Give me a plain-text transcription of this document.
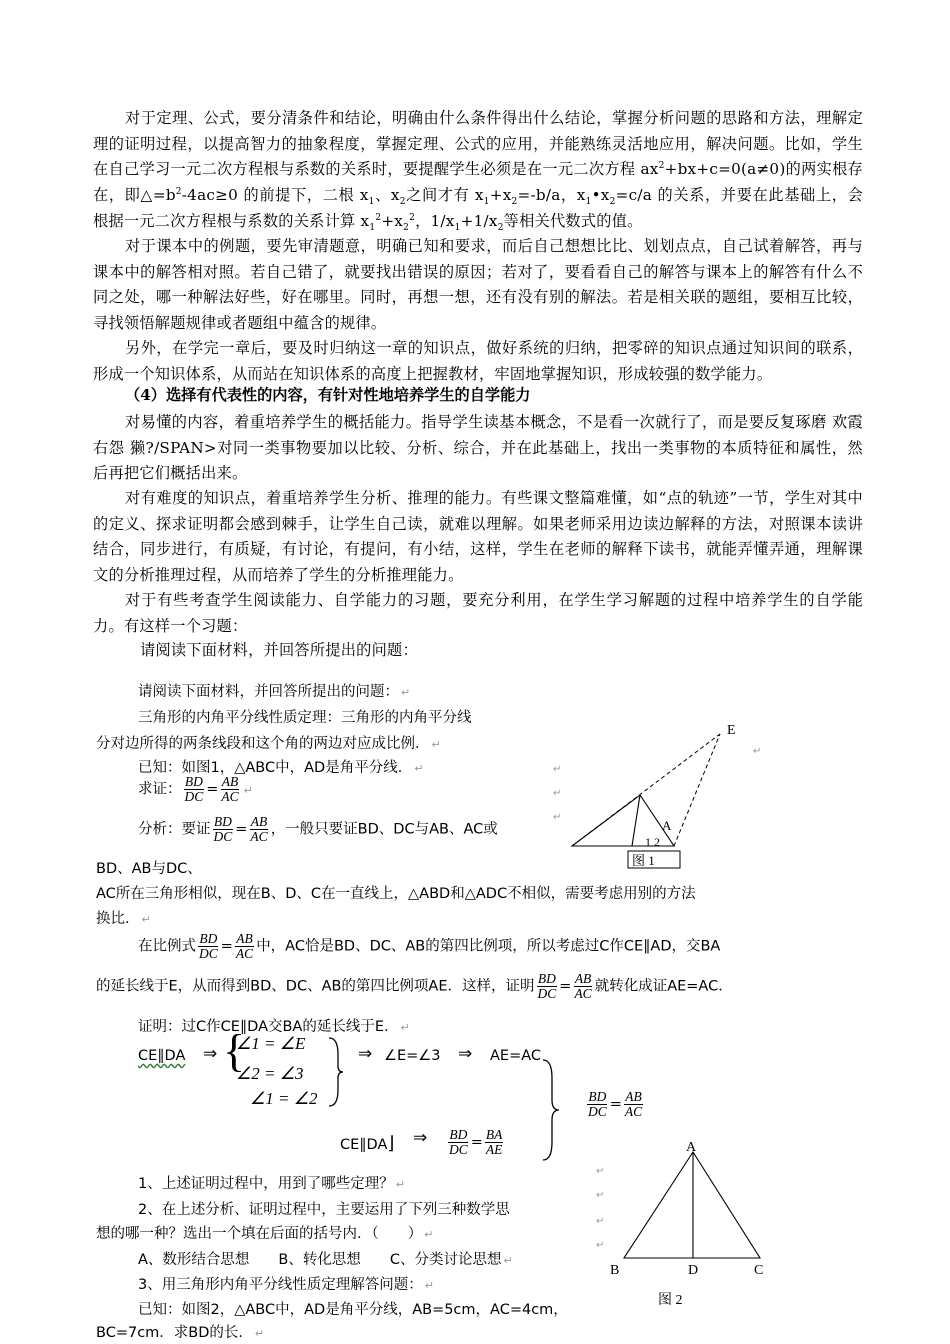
对于定理、公式，要分清条件和结论，明确由什么条件得出什么结论，掌握分析问题的思路和方法，理解定理的证明过程，以提高智力的抽象程度，掌握定理、公式的应用，并能熟练灵活地应用，解决问题。比如，学生在自己学习一元二次方程根与系数的关系时，要提醒学生必须是在一元二次方程 $ax^2+bx+c=0(a\ne 0)$的两实根存在，即$\triangle=b^2-4ac\ge 0$ 的前提下，二根 $x_1$、$x_2$之间才有 $x_1+x_2=-b/a$，$x_1•x_2=c/a$ 的关系，并要在此基础上，会根据一元二次方程根与系数的关系计算 $x_1^2+x_2^2$，$1/x_1+1/x_2$等相关代数式的值。

对于课本中的例题，要先审清题意，明确已知和要求，而后自己想想比比、划划点点，自己试着解答，再与课本中的解答相对照。若自己错了，就要找出错误的原因；若对了，要看看自己的解答与课本上的解答有什么不同之处，哪一种解法好些，好在哪里。同时，再想一想，还有没有别的解法。若是相关联的题组，要相互比较，寻找领悟解题规律或者题组中蕴含的规律。

另外，在学完一章后，要及时归纳这一章的知识点，做好系统的归纳，把零碎的知识点通过知识间的联系，形成一个知识体系，从而站在知识体系的高度上把握教材，牢固地掌握知识，形成较强的数学能力。

（4）选择有代表性的内容，有针对性地培养学生的自学能力

对易懂的内容，着重培养学生的概括能力。指导学生读基本概念，不是看一次就行了，而是要反复琢磨 欢霞右怨 獭?/SPAN>对同一类事物要加以比较、分析、综合，并在此基础上，找出一类事物的本质特征和属性，然后再把它们概括出来。

对有难度的知识点，着重培养学生分析、推理的能力。有些课文整篇难懂，如“点的轨迹”一节，学生对其中的定义、探求证明都会感到棘手，让学生自己读，就难以理解。如果老师采用边读边解释的方法，对照课本读讲结合，同步进行，有质疑，有讨论，有提问，有小结，这样，学生在老师的解释下读书，就能弄懂弄通，理解课文的分析推理过程，从而培养了学生的分析推理能力。

对于有些考查学生阅读能力、自学能力的习题，要充分利用，在学生学习解题的过程中培养学生的自学能力。有这样一个习题：

请阅读下面材料，并回答所提出的问题：

请阅读下面材料，并回答所提出的问题： ↵

三角形的内角平分线性质定理：三角形的内角平分线

分对边所得的两条线段和这个角的两边对应成比例． ↵

已知：如图1，△ABC中，AD是角平分线． ↵

求证： $\frac{BD}{DC} = \frac{AB}{AC}$ ↵

分析：要证 $\frac{BD}{DC} = \frac{AB}{AC}$ ，一般只要证BD、DC与AB、AC或

BD、AB与DC、

AC所在三角形相似，现在B、D、C在一直线上，△ABD和△ADC不相似，需要考虑用别的方法

换比． ↵

在比例式 $\frac{BD}{DC} = \frac{AB}{AC}$ 中，AC恰是BD、DC、AB的第四比例项，所以考虑过C作CE∥AD，交BA

的延长线于E，从而得到BD、DC、AB的第四比例项AE．这样，证明 $\frac{BD}{DC} = \frac{AB}{AC}$ 就转化成证AE=AC．

证明：过C作CE∥DA交BA的延长线于E． ↵

CE∥DA ⇒ {

∠1 = ∠E

∠2 = ∠3

∠1 = ∠2

⇒ ∠E=∠3 ⇒ AE=AC

$\frac{BD}{DC} = \frac{AB}{AC}$

CE∥DA⌋ ⇒ $\frac{BD}{DC} = \frac{BA}{AE}$

1、上述证明过程中，用到了哪些定理？ ↵

2、在上述分析、证明过程中，主要运用了下列三种数学思

想的哪一种？选出一个填在后面的括号内．（　　） ↵

A、数形结合思想　　B、转化思想　　C、分类讨论思想 ↵

3、用三角形内角平分线性质定理解答问题： ↵

已知：如图2，△ABC中，AD是角平分线，AB=5cm，AC=4cm，

BC=7cm．求BD的长． ↵

E
A
1 2
图 1
↵
↵
↵
↵
A
B	D	C
图 2
↵
↵
↵
↵
